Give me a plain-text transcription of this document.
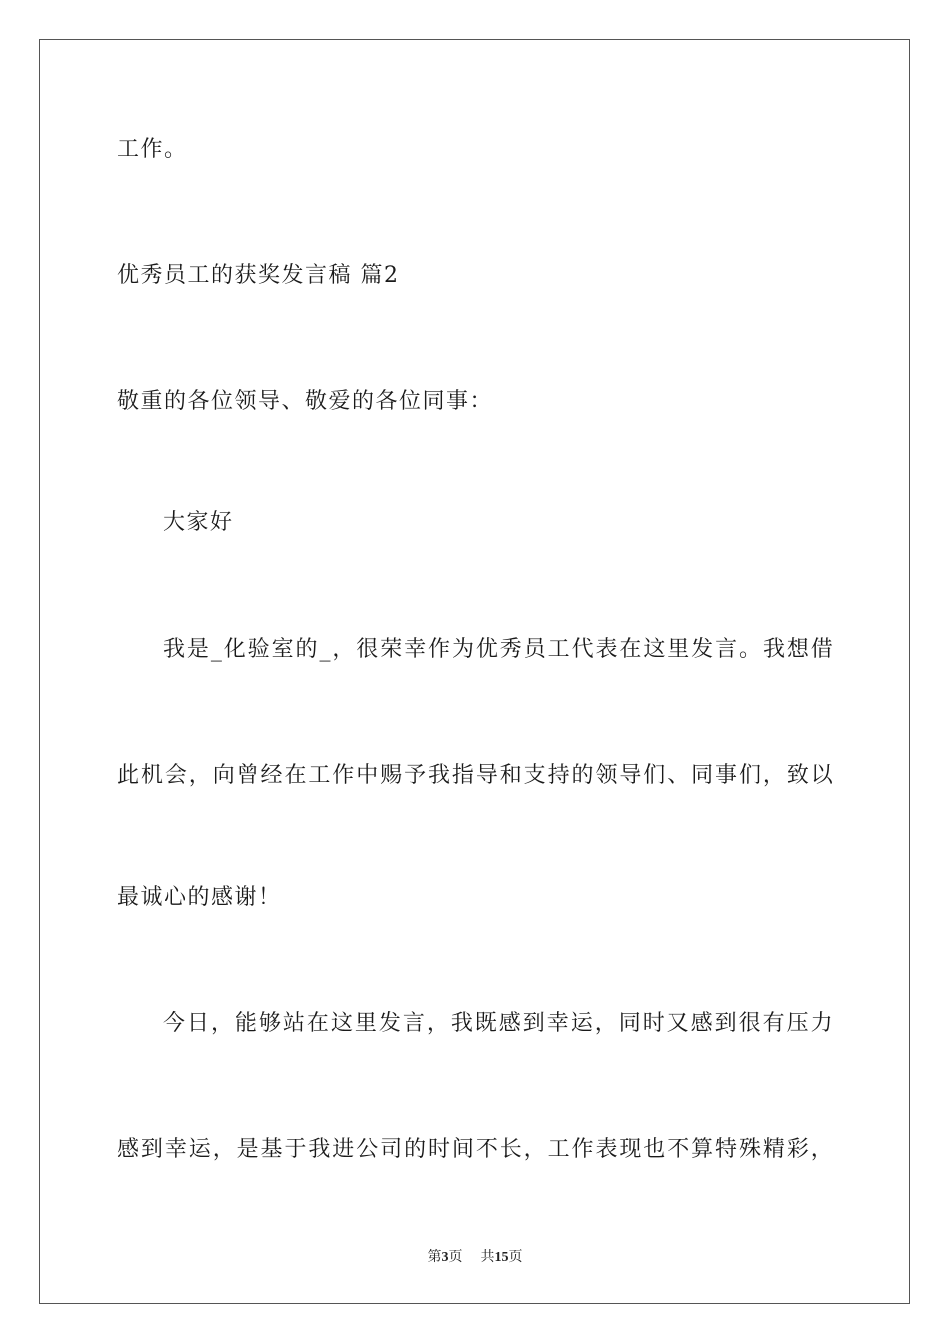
工作。
优秀员工的获奖发言稿 篇2
敬重的各位领导、敬爱的各位同事：
大家好
我 是 _ 化 验 室 的 _ ， 很 荣 幸 作 为 优 秀 员 工 代 表 在 这 里 发 言 。 我 想 借
此 机 会 ， 向 曾 经 在 工 作 中 赐 予 我 指 导 和 支 持 的 领 导 们 、 同 事 们 ， 致 以
最诚心的感谢！
今 日 ， 能 够 站 在 这 里 发 言 ， 我 既 感 到 幸 运 ， 同 时 又 感 到 很 有 压 力
感 到 幸 运 ， 是 基 于 我 进 公 司 的 时 间 不 长 ， 工 作 表 现 也 不 算 特 殊 精 彩 ，
第3页 共15页
